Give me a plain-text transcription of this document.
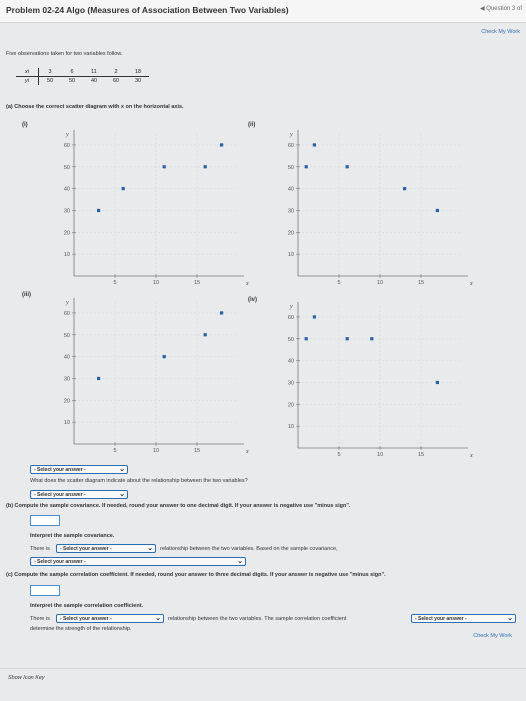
Problem 02-24 Algo (Measures of Association Between Two Variables)	◀ Question 3 of
Check My Work
Five observations taken for two variables follow.
xi	3	6	11	2	18
yi	50	50	40	60	30
(a) Choose the correct scatter diagram with x on the horizontal axis.
(i)	(ii)
(iii)
(iv)
10
20
30
40
50
60
5	10	15
y
x
10
20
30
40
50
60
5	10	15
y
x
10
20
30
40
50
60
5	10	15
y
x
10
20
30
40
50
60
5	10	15
y
x
- Select your answer -	⌄
What does the scatter diagram indicate about the relationship between the two variables?
- Select your answer -	⌄
(b) Compute the sample covariance. If needed, round your answer to one decimal digit. If your answer is negative use "minus sign".
Interpret the sample covariance.
There is	- Select your answer -	⌄ relationship between the two variables. Based on the sample covariance,
- Select your answer -	⌄
(c) Compute the sample correlation coefficient. If needed, round your answer to three decimal digits. If your answer is negative use "minus sign".
Interpret the sample correlation coefficient.
There is	- Select your answer -	⌄ relationship between the two variables. The sample correlation coefficient	- Select your answer -	⌄
determine the strength of the relationship.
Check My Work
Show Icon Key
